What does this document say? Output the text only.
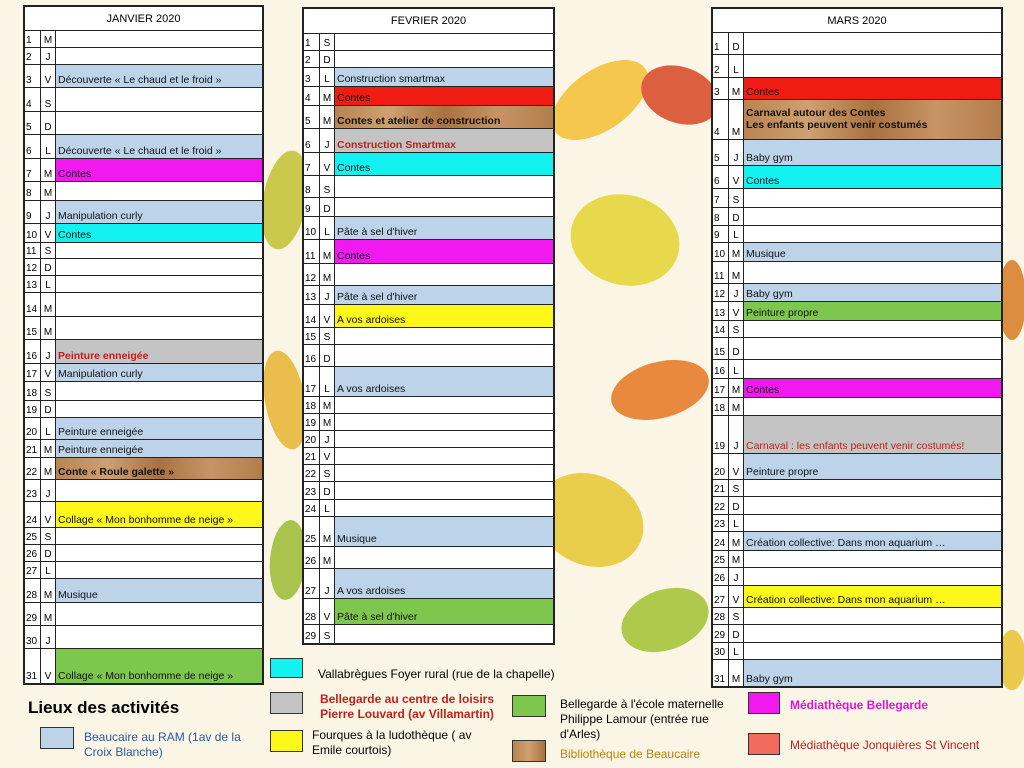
JANVIER 2020
1	M
2	J
3	V Découverte « Le chaud et le froid »
4	S
5	D
6	L Découverte « Le chaud et le froid »
7	M Contes
8	M
9	J Manipulation curly
10 V Contes
11 S
12 D
13 L
14 M
15 M
16 J Peinture enneigée
17 V Manipulation curly
18 S
19 D
20 L Peinture enneigée
21 M Peinture enneigée
22 M Conte « Roule galette »
23 J
24 V Collage « Mon bonhomme de neige »
25 S
26 D
27 L
28 M Musique
29 M
30 J
31 V Collage « Mon bonhomme de neige »
FEVRIER 2020
1	S
2	D
3	L Construction smartmax
4	M Contes
5	M Contes et atelier de construction
6	J Construction Smartmax
7	V Contes
8	S
9	D
10 L Pâte à sel d'hiver
11 M Contes
12 M
13 J Pâte à sel d'hiver
14 V A vos ardoises
15 S
16 D
17 L A vos ardoises
18 M
19 M
20 J
21 V
22 S
23 D
24 L
25 M Musique
26 M
27 J A vos ardoises
28 V Pâte à sel d'hiver
29 S
MARS 2020
1	D
2	L
3	M Contes
4	M
Carnaval autour des Contes
Les enfants peuvent venir costumés
5	J Baby gym
6	V Contes
7	S
8	D
9	L
10 M Musique
11 M
12 J Baby gym
13 V Peinture propre
14 S
15 D
16 L
17 M Contes
18 M
19 J Carnaval : les enfants peuvent venir costumés!
20 V Peinture propre
21 S
22 D
23 L
24 M Création collective: Dans mon aquarium …
25 M
26 J
27 V Création collective: Dans mon aquarium …
28 S
29 D
30 L
31 M Baby gym
Lieux des activités
Beaucaire au RAM (1av de la Croix Blanche)
Vallabrègues Foyer rural (rue de la chapelle)
Bellegarde au centre de loisirs
Pierre Louvard (av Villamartin)
Fourques à la ludothèque ( av Emile courtois)
Bellegarde à l'école maternelle Philippe Lamour (entrée rue d'Arles)
Bibliothèque de Beaucaire
Médiathèque Bellegarde
Médiathèque Jonquières St Vincent
